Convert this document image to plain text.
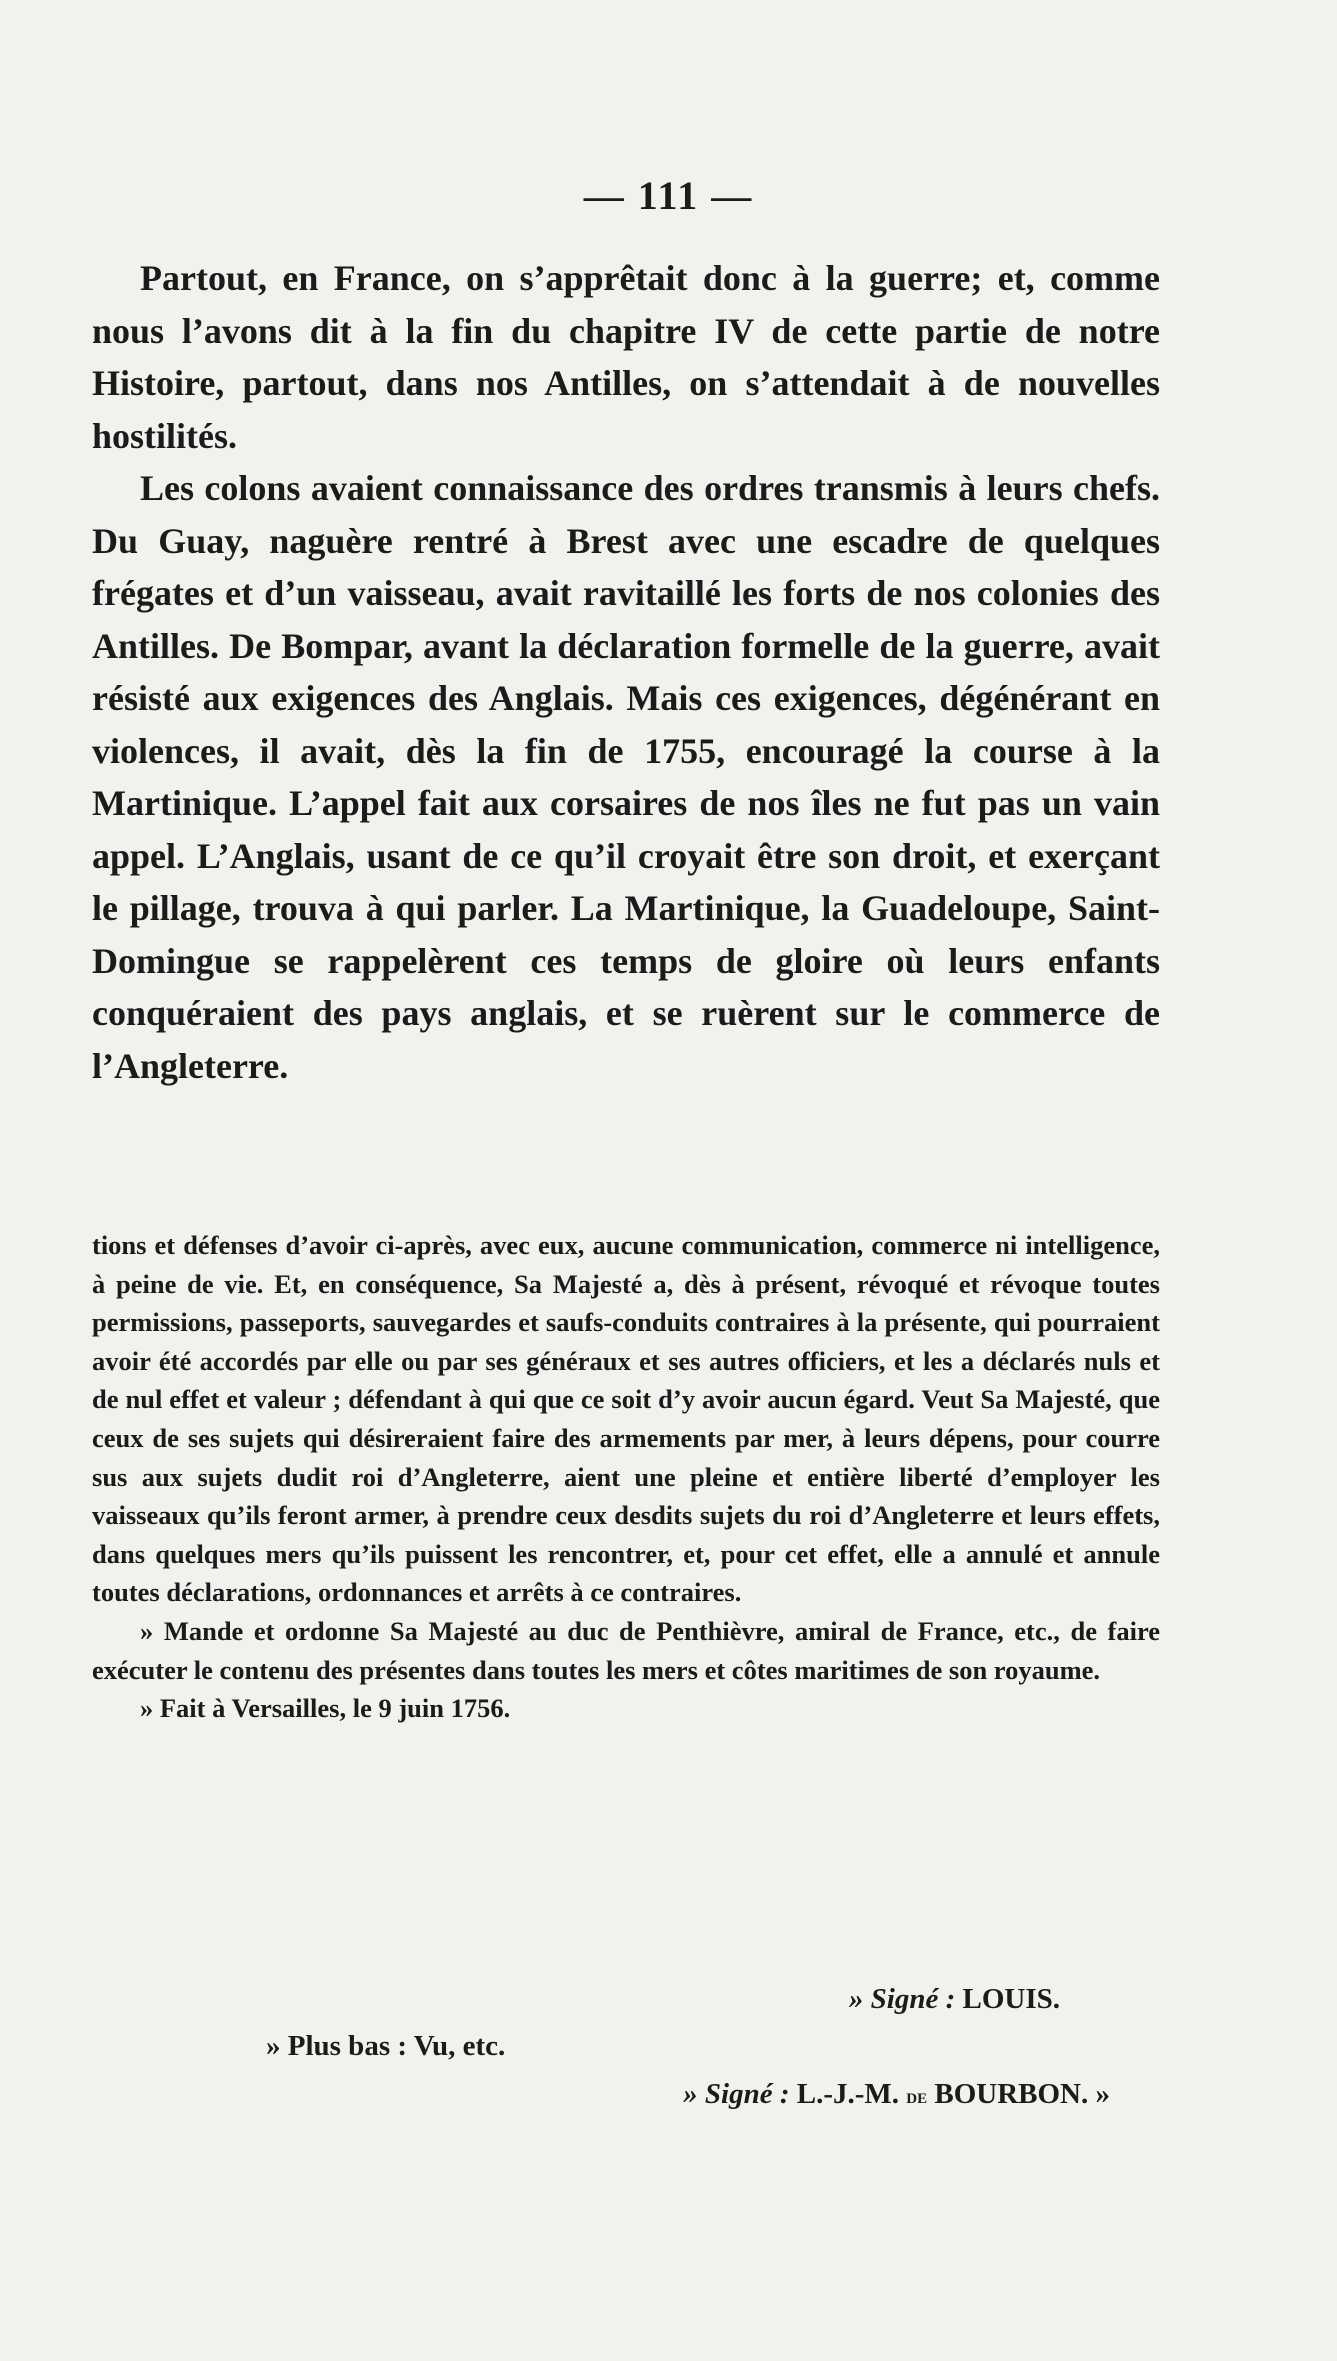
— 111 —

Partout, en France, on s’apprêtait donc à la guerre; et, comme nous l’avons dit à la fin du chapitre IV de cette partie de notre Histoire, partout, dans nos Antilles, on s’attendait à de nouvelles hostilités.

Les colons avaient connaissance des ordres transmis à leurs chefs. Du Guay, naguère rentré à Brest avec une escadre de quelques frégates et d’un vaisseau, avait ravitaillé les forts de nos colonies des Antilles. De Bompar, avant la déclaration formelle de la guerre, avait résisté aux exigences des Anglais. Mais ces exigences, dégénérant en violences, il avait, dès la fin de 1755, encouragé la course à la Martinique. L’appel fait aux corsaires de nos îles ne fut pas un vain appel. L’Anglais, usant de ce qu’il croyait être son droit, et exerçant le pillage, trouva à qui parler. La Martinique, la Guadeloupe, Saint-Domingue se rappelèrent ces temps de gloire où leurs enfants conquéraient des pays anglais, et se ruèrent sur le commerce de l’Angleterre.

tions et défenses d’avoir ci-après, avec eux, aucune communication, commerce ni intelligence, à peine de vie. Et, en conséquence, Sa Majesté a, dès à présent, révoqué et révoque toutes permissions, passeports, sauvegardes et saufs-conduits contraires à la présente, qui pourraient avoir été accordés par elle ou par ses généraux et ses autres officiers, et les a déclarés nuls et de nul effet et valeur ; défendant à qui que ce soit d’y avoir aucun égard. Veut Sa Majesté, que ceux de ses sujets qui désireraient faire des armements par mer, à leurs dépens, pour courre sus aux sujets dudit roi d’Angleterre, aient une pleine et entière liberté d’employer les vaisseaux qu’ils feront armer, à prendre ceux desdits sujets du roi d’Angleterre et leurs effets, dans quelques mers qu’ils puissent les rencontrer, et, pour cet effet, elle a annulé et annule toutes déclarations, ordonnances et arrêts à ce contraires.

» Mande et ordonne Sa Majesté au duc de Penthièvre, amiral de France, etc., de faire exécuter le contenu des présentes dans toutes les mers et côtes maritimes de son royaume.

» Fait à Versailles, le 9 juin 1756.

» Signé : LOUIS.
» Plus bas : Vu, etc.
» Signé : L.-J.-M. de BOURBON. »
